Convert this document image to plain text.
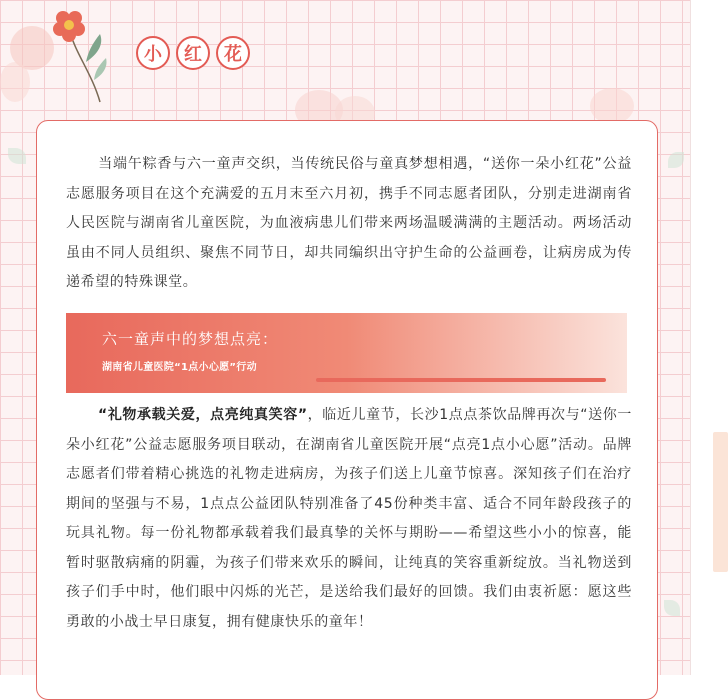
小	红	花

当端午粽香与六一童声交织，当传统民俗与童真梦想相遇，“送你一朵小红花”公益志愿服务项目在这个充满爱的五月末至六月初，携手不同志愿者团队，分别走进湖南省人民医院与湖南省儿童医院，为血液病患儿们带来两场温暖满满的主题活动。两场活动虽由不同人员组织、聚焦不同节日，却共同编织出守护生命的公益画卷，让病房成为传递希望的特殊课堂。

六一童声中的梦想点亮：
湖南省儿童医院“1点小心愿”行动

“礼物承载关爱，点亮纯真笑容”，临近儿童节，长沙1点点茶饮品牌再次与“送你一朵小红花”公益志愿服务项目联动，在湖南省儿童医院开展“点亮1点小心愿”活动。品牌志愿者们带着精心挑选的礼物走进病房，为孩子们送上儿童节惊喜。深知孩子们在治疗期间的坚强与不易，1点点公益团队特别准备了45份种类丰富、适合不同年龄段孩子的玩具礼物。每一份礼物都承载着我们最真挚的关怀与期盼——希望这些小小的惊喜，能暂时驱散病痛的阴霾，为孩子们带来欢乐的瞬间，让纯真的笑容重新绽放。当礼物送到孩子们手中时，他们眼中闪烁的光芒，是送给我们最好的回馈。我们由衷祈愿：愿这些勇敢的小战士早日康复，拥有健康快乐的童年！
